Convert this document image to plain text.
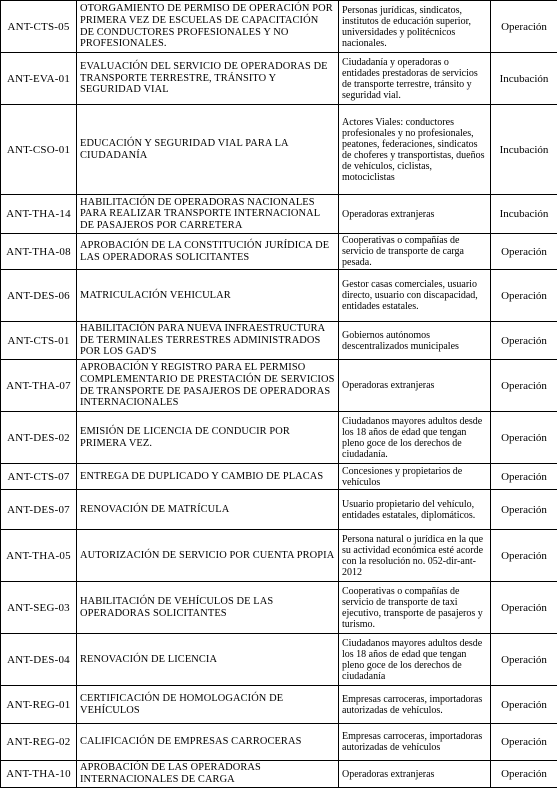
ANT-CTS-05	OTORGAMIENTO DE PERMISO DE OPERACIÓN POR PRIMERA VEZ DE ESCUELAS DE CAPACITACIÓN DE CONDUCTORES PROFESIONALES Y NO PROFESIONALES.	Personas jurídicas, sindicatos, institutos de educación superior, universidades y politécnicos nacionales.	Operación
ANT-EVA-01	EVALUACIÓN DEL SERVICIO DE OPERADORAS DE TRANSPORTE TERRESTRE, TRÁNSITO Y SEGURIDAD VIAL	Ciudadanía y operadoras o entidades prestadoras de servicios de transporte terrestre, tránsito y seguridad vial.	Incubación
ANT-CSO-01	EDUCACIÓN Y SEGURIDAD VIAL PARA LA CIUDADANÍA	Actores Viales: conductores profesionales y no profesionales, peatones, federaciones, sindicatos de choferes y transportistas, dueños de vehículos, ciclistas, motociclistas	Incubación
ANT-THA-14	HABILITACIÓN DE OPERADORAS NACIONALES PARA REALIZAR TRANSPORTE INTERNACIONAL DE PASAJEROS POR CARRETERA	Operadoras extranjeras	Incubación
ANT-THA-08	APROBACIÓN DE LA CONSTITUCIÓN JURÍDICA DE LAS OPERADORAS SOLICITANTES	Cooperativas o compañías de servicio de transporte de carga pesada.	Operación
ANT-DES-06	MATRICULACIÓN VEHICULAR	Gestor casas comerciales, usuario directo, usuario con discapacidad, entidades estatales.	Operación
ANT-CTS-01	HABILITACIÓN PARA NUEVA INFRAESTRUCTURA DE TERMINALES TERRESTRES ADMINISTRADOS POR LOS GAD'S	Gobiernos autónomos descentralizados municipales	Operación
ANT-THA-07	APROBACIÓN Y REGISTRO PARA EL PERMISO COMPLEMENTARIO DE PRESTACIÓN DE SERVICIOS DE TRANSPORTE DE PASAJEROS DE OPERADORAS INTERNACIONALES	Operadoras extranjeras	Operación
ANT-DES-02	EMISIÓN DE LICENCIA DE CONDUCIR POR PRIMERA VEZ.	Ciudadanos mayores adultos desde los 18 años de edad que tengan pleno goce de los derechos de ciudadanía.	Operación
ANT-CTS-07	ENTREGA DE DUPLICADO Y CAMBIO DE PLACAS	Concesiones y propietarios de vehículos	Operación
ANT-DES-07	RENOVACIÓN DE MATRÍCULA	Usuario propietario del vehículo, entidades estatales, diplomáticos.	Operación
ANT-THA-05	AUTORIZACIÓN DE SERVICIO POR CUENTA PROPIA	Persona natural o jurídica en la que su actividad económica esté acorde con la resolución no. 052-dir-ant-2012	Operación
ANT-SEG-03	HABILITACIÓN DE VEHÍCULOS DE LAS OPERADORAS SOLICITANTES	Cooperativas o compañías de servicio de transporte de taxi ejecutivo, transporte de pasajeros y turismo.	Operación
ANT-DES-04	RENOVACIÓN DE LICENCIA	Ciudadanos mayores adultos desde los 18 años de edad que tengan pleno goce de los derechos de ciudadanía	Operación
ANT-REG-01	CERTIFICACIÓN DE HOMOLOGACIÓN DE VEHÍCULOS	Empresas carroceras, importadoras autorizadas de vehículos.	Operación
ANT-REG-02	CALIFICACIÓN DE EMPRESAS CARROCERAS	Empresas carroceras, importadoras autorizadas de vehículos	Operación
ANT-THA-10	APROBACIÓN DE LAS OPERADORAS INTERNACIONALES DE CARGA	Operadoras extranjeras	Operación
